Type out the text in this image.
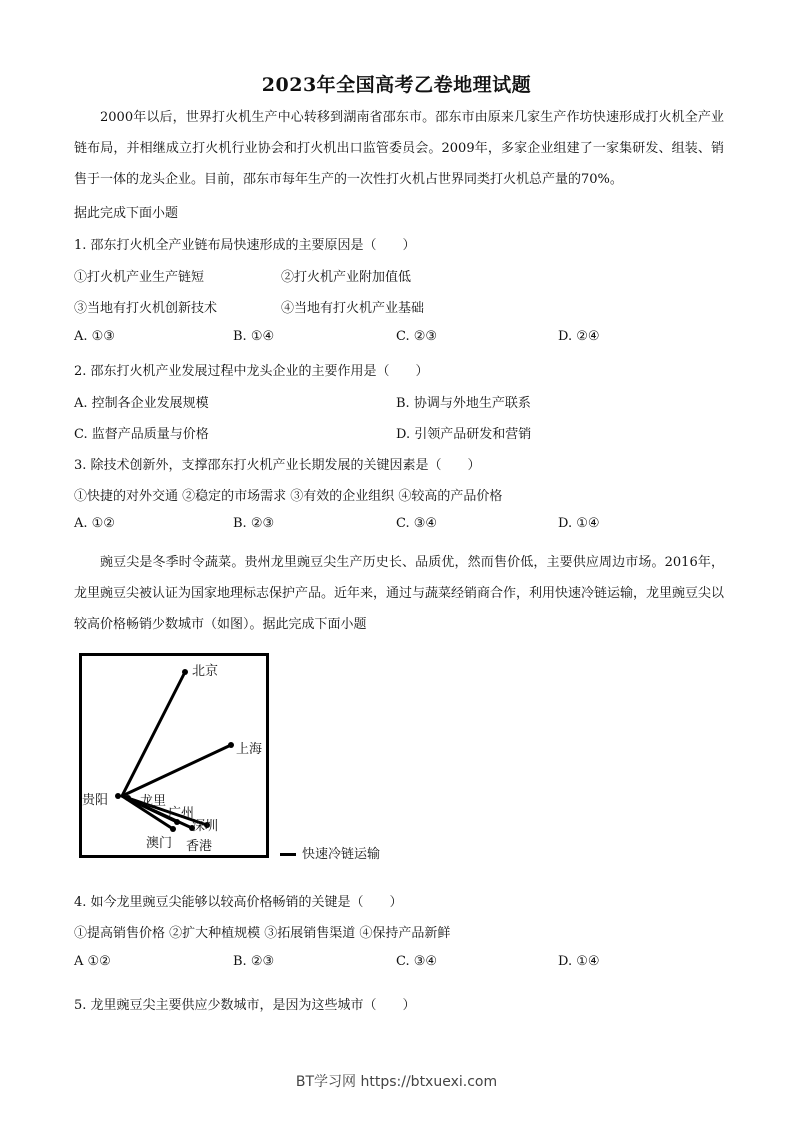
2023年全国高考乙卷地理试题
2000年以后，世界打火机生产中心转移到湖南省邵东市。邵东市由原来几家生产作坊快速形成打火机全产业链布局，并相继成立打火机行业协会和打火机出口监管委员会。2009年，多家企业组建了一家集研发、组装、销售于一体的龙头企业。目前，邵东市每年生产的一次性打火机占世界同类打火机总产量的70%。
据此完成下面小题
1. 邵东打火机全产业链布局快速形成的主要原因是（　　）
①打火机产业生产链短	②打火机产业附加值低
③当地有打火机创新技术	④当地有打火机产业基础
A. ①③	B. ①④	C. ②③	D. ②④
2. 邵东打火机产业发展过程中龙头企业的主要作用是（　　）
A. 控制各企业发展规模	B. 协调与外地生产联系
C. 监督产品质量与价格	D. 引领产品研发和营销
3. 除技术创新外，支撑邵东打火机产业长期发展的关键因素是（　　）
①快捷的对外交通 ②稳定的市场需求 ③有效的企业组织 ④较高的产品价格
A. ①②	B. ②③	C. ③④	D. ①④
豌豆尖是冬季时令蔬菜。贵州龙里豌豆尖生产历史长、品质优，然而售价低，主要供应周边市场。2016年，龙里豌豆尖被认证为国家地理标志保护产品。近年来，通过与蔬菜经销商合作，利用快速冷链运输，龙里豌豆尖以较高价格畅销少数城市（如图）。据此完成下面小题
北京
上海
贵阳 龙里
广州
深圳
澳门 香港
快速冷链运输
4. 如今龙里豌豆尖能够以较高价格畅销的关键是（　　）
①提高销售价格 ②扩大种植规模 ③拓展销售渠道 ④保持产品新鲜
A ①②	B. ②③	C. ③④	D. ①④
5. 龙里豌豆尖主要供应少数城市，是因为这些城市（　　）
BT学习网 https://btxuexi.com
